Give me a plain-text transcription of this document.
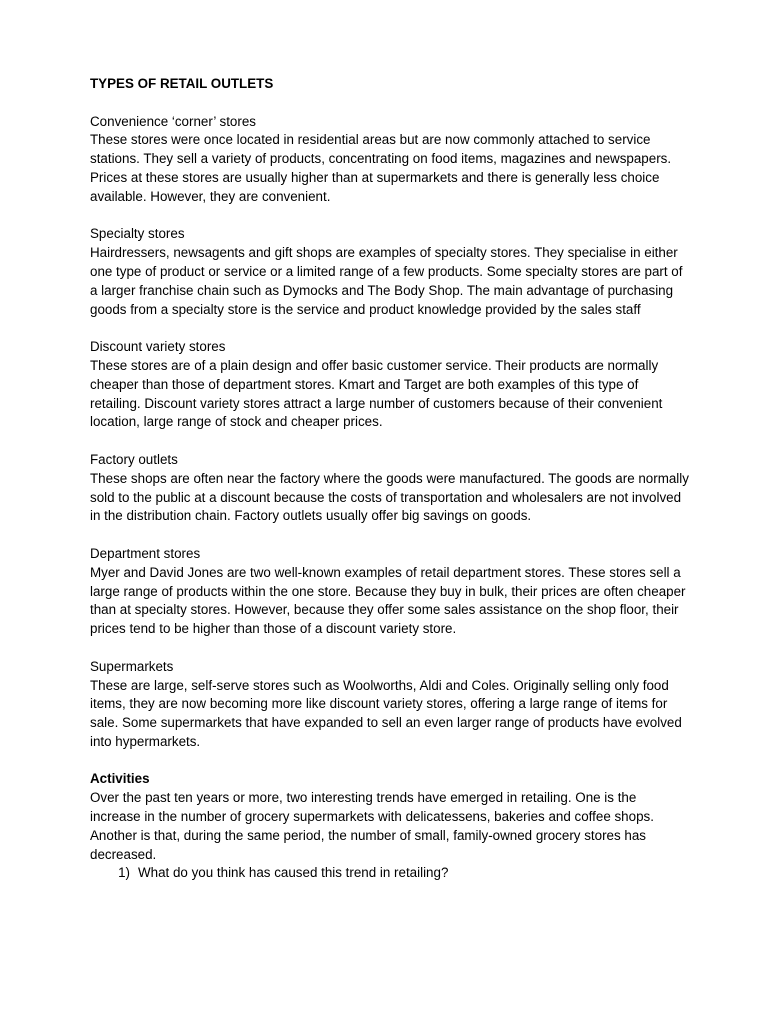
TYPES OF RETAIL OUTLETS

Convenience ‘corner’ stores

These stores were once located in residential areas but are now commonly attached to service stations. They sell a variety of products, concentrating on food items, magazines and newspapers. Prices at these stores are usually higher than at supermarkets and there is generally less choice available. However, they are convenient.

Specialty stores

Hairdressers, newsagents and gift shops are examples of specialty stores. They specialise in either one type of product or service or a limited range of a few products. Some specialty stores are part of a larger franchise chain such as Dymocks and The Body Shop. The main advantage of purchasing goods from a specialty store is the service and product knowledge provided by the sales staff

Discount variety stores

These stores are of a plain design and offer basic customer service. Their products are normally cheaper than those of department stores. Kmart and Target are both examples of this type of retailing. Discount variety stores attract a large number of customers because of their convenient location, large range of stock and cheaper prices.

Factory outlets

These shops are often near the factory where the goods were manufactured. The goods are normally sold to the public at a discount because the costs of transportation and wholesalers are not involved in the distribution chain. Factory outlets usually offer big savings on goods.

Department stores

Myer and David Jones are two well-known examples of retail department stores. These stores sell a large range of products within the one store. Because they buy in bulk, their prices are often cheaper than at specialty stores. However, because they offer some sales assistance on the shop floor, their prices tend to be higher than those of a discount variety store.

Supermarkets

These are large, self-serve stores such as Woolworths, Aldi and Coles. Originally selling only food items, they are now becoming more like discount variety stores, offering a large range of items for sale. Some supermarkets that have expanded to sell an even larger range of products have evolved into hypermarkets.

Activities

Over the past ten years or more, two interesting trends have emerged in retailing. One is the increase in the number of grocery supermarkets with delicatessens, bakeries and coffee shops. Another is that, during the same period, the number of small, family-owned grocery stores has decreased.

1) What do you think has caused this trend in retailing?
